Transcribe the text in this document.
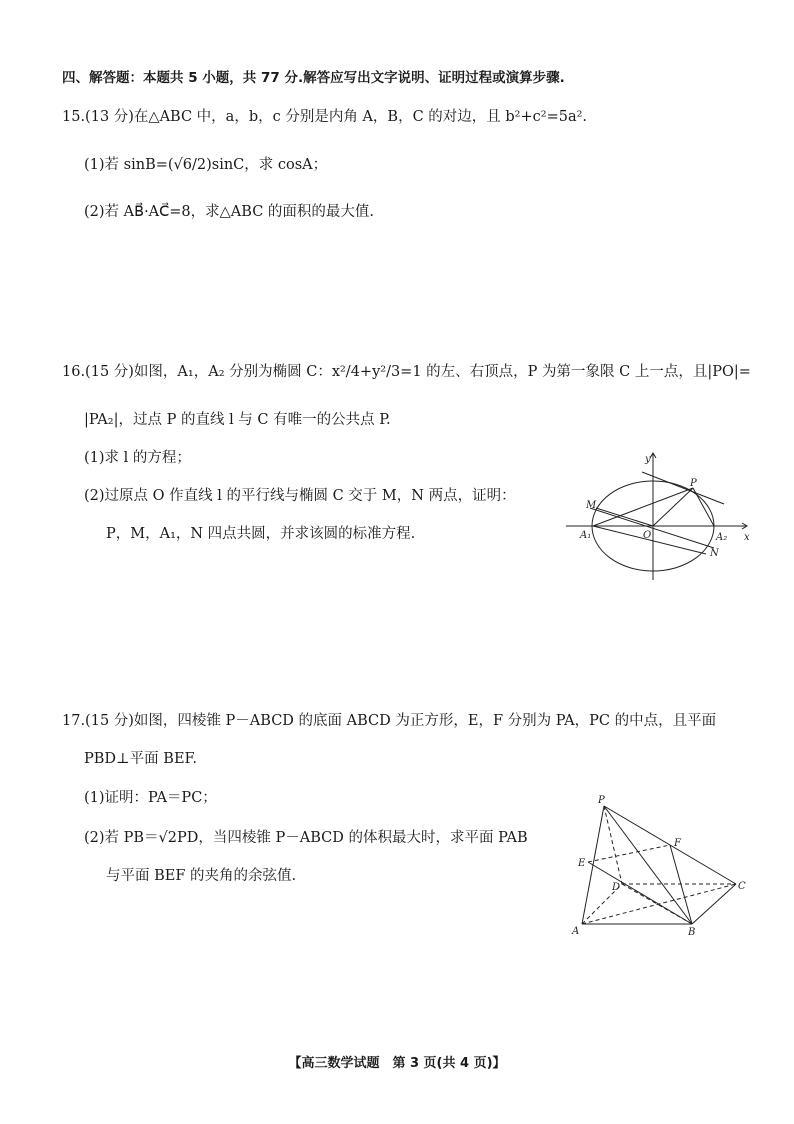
四、解答题：本题共 5 小题，共 77 分.解答应写出文字说明、证明过程或演算步骤.
15.(13 分)在△ABC 中，a，b，c 分别是内角 A，B，C 的对边，且 b²+c²=5a².
(1)若 sinB=(√6/2)sinC，求 cosA；
(2)若 AB⃗·AC⃗=8，求△ABC 的面积的最大值.
16.(15 分)如图，A₁，A₂ 分别为椭圆 C：x²/4+y²/3=1 的左、右顶点，P 为第一象限 C 上一点，且|PO|=
|PA₂|，过点 P 的直线 l 与 C 有唯一的公共点 P.
(1)求 l 的方程；
(2)过原点 O 作直线 l 的平行线与椭圆 C 交于 M，N 两点，证明：
P，M，A₁，N 四点共圆，并求该圆的标准方程.
y
x
P
M
O
A₁	A₂
N
17.(15 分)如图，四棱锥 P－ABCD 的底面 ABCD 为正方形，E，F 分别为 PA，PC 的中点，且平面
PBD⊥平面 BEF.
(1)证明：PA＝PC；
(2)若 PB＝√2PD，当四棱锥 P－ABCD 的体积最大时，求平面 PAB
与平面 BEF 的夹角的余弦值.
P
F
E
D	C
A	B
【高三数学试题　第 3 页(共 4 页)】
